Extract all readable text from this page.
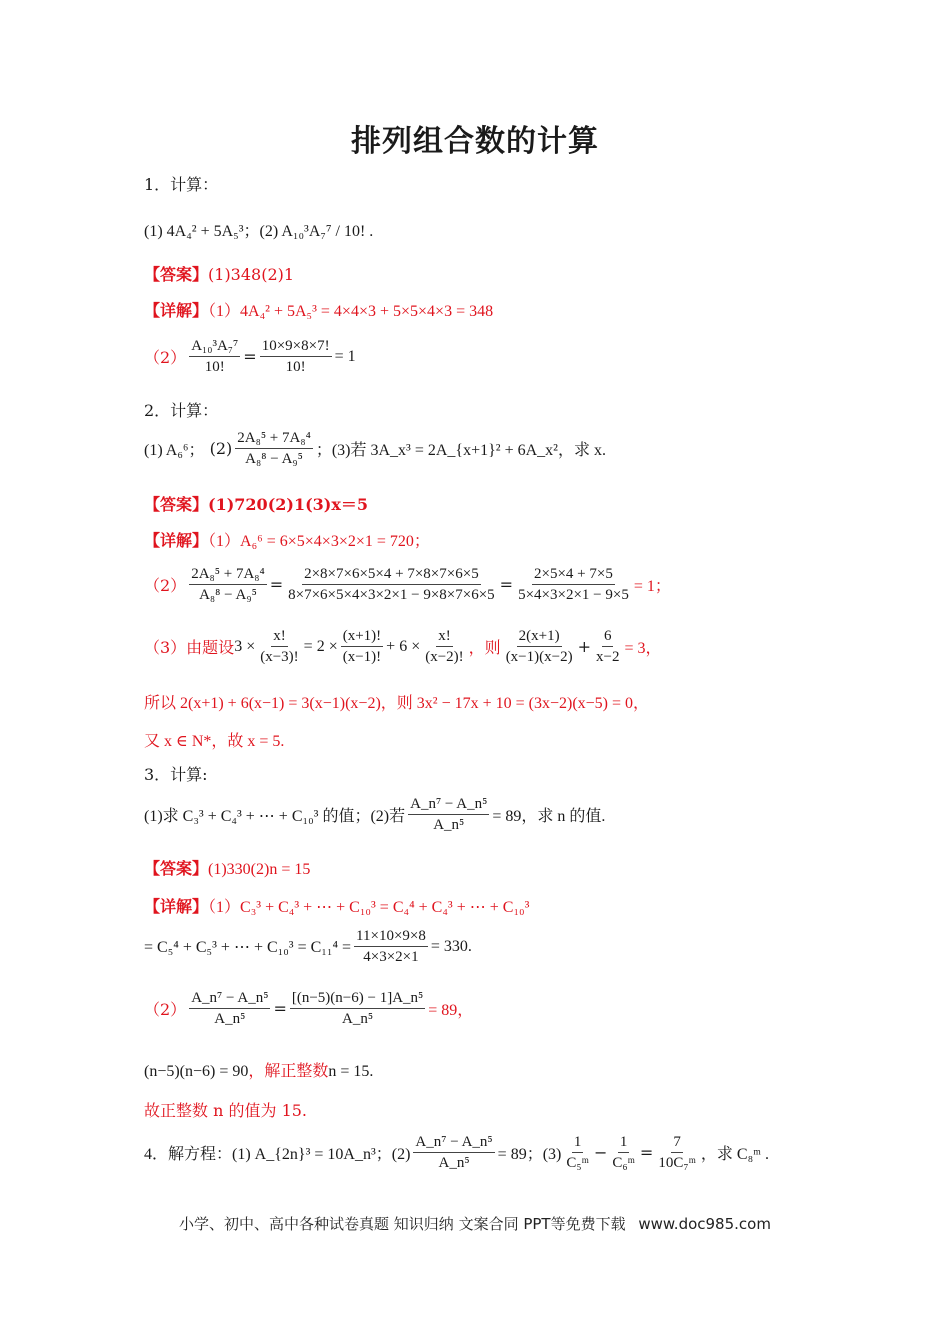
排列组合数的计算
1．计算：
(1) 4A₄² + 5A₅³；(2) A₁₀³A₇⁷ / 10! .
【答案】(1)348(2)1
【详解】（1）4A₄² + 5A₅³ = 4×4×3 + 5×5×4×3 = 348
$(2) \frac{\text{A₁₀³A₇⁷}}{10!} = \frac{10\times 9\times 8\times 7!}{10!} = 1$
2．计算：
(1) A₆⁶；
$(2) \frac{\text{2A₈⁵ + 7A₈⁴}}{\text{A₈⁸ − A₉⁵}}$ ；(3)若 3A_x³ = 2A_{x+1}² + 6A_x²，求 x.
【答案】(1)720(2)1(3)x＝5
【详解】（1）A₆⁶ = 6×5×4×3×2×1 = 720；
$(2) \frac{\text{2A₈⁵ + 7A₈⁴}}{\text{A₈⁸ − A₉⁵}} = \frac{2\times 8\times 7\times 6\times 5\times 4 + 7\times 8\times 7\times 6\times 5}{8\times 7\times 6\times 5\times 4\times 3\times 2\times 1 - 9\times 8\times 7\times 6\times 5} = \frac{2\times 5\times 4 + 7\times 5}{5\times 4\times 3\times 2\times 1 - 9\times 5} = 1$；
（3）由题设 $3 \times \frac{x!}{(x-3)!} = 2 \times \frac{(x+1)!}{(x-1)!} + 6 \times \frac{x!}{(x-2)!}$ ，则 $\frac{2(x+1)}{(x-1)(x-2)} + \frac{6}{x-2} = 3$，
所以 2(x+1) + 6(x−1) = 3(x−1)(x−2)，则 3x² − 17x + 10 = (3x−2)(x−5) = 0，
又 x ∈ N*，故 x = 5.
3．计算:
(1)求 C₃³ + C₄³ + ⋯ + C₁₀³ 的值；(2)若 $\frac{\text{A\_n⁷ − A\_n⁵}}{\text{A\_n⁵}} = 89$，求 n 的值.
【答案】(1)330(2)n = 15
【详解】（1）C₃³ + C₄³ + ⋯ + C₁₀³ = C₄⁴ + C₄³ + ⋯ + C₁₀³
= C₅⁴ + C₅³ + ⋯ + $C_{10}^3 = C_{11}^4 = \frac{11\times 10\times 9\times 8}{4\times 3\times 2\times 1} = 330$.
$(2) \frac{\text{A\_n⁷ − A\_n⁵}}{\text{A\_n⁵}} = \frac{\text{[(n−5)(n−6) − 1]A\_n⁵}}{\text{A\_n⁵}} = 89$，
(n−5)(n−6) = 90，解正整数n = 15.
故正整数 n 的值为 15.
4．解方程：(1) A_{2n}³ = 10A_n³；$(2) \frac{\text{A\_n⁷ − A\_n⁵}}{\text{A\_n⁵}} = 89$；$(3) \frac{1}{\text{C₅ᵐ}} - \frac{1}{\text{C₆ᵐ}} = \frac{7}{\text{10C₇ᵐ}}$ ，求 C₈ᵐ .
小学、初中、高中各种试卷真题 知识归纳 文案合同 PPT等免费下载 www.doc985.com
